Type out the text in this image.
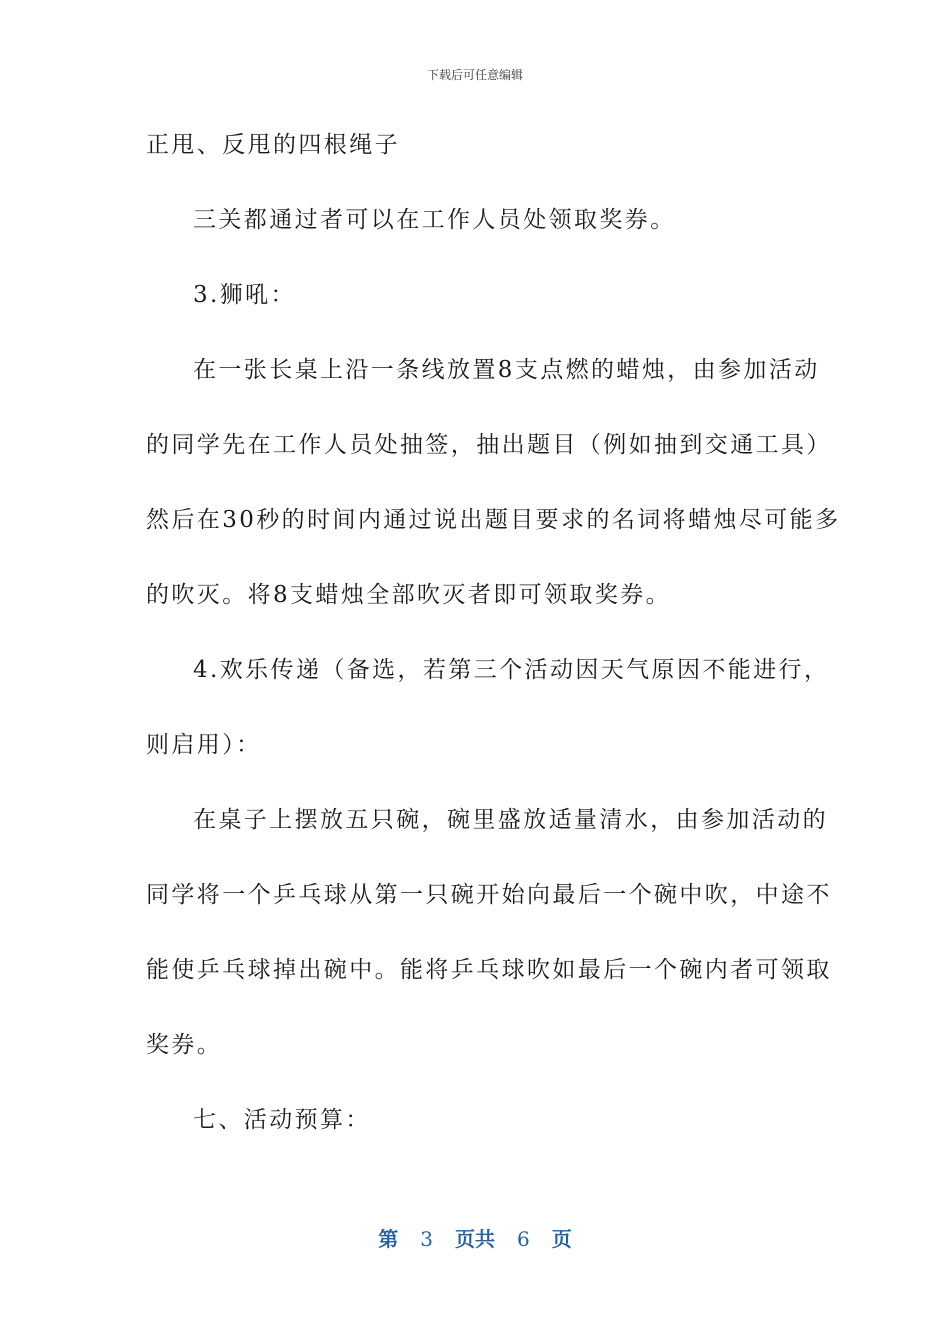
下载后可任意编辑

正甩、反甩的四根绳子

三关都通过者可以在工作人员处领取奖券。

3.狮吼：

在一张长桌上沿一条线放置8支点燃的蜡烛，由参加活动

的同学先在工作人员处抽签，抽出题目（例如抽到交通工具）

然后在30秒的时间内通过说出题目要求的名词将蜡烛尽可能多

的吹灭。将8支蜡烛全部吹灭者即可领取奖券。

4.欢乐传递（备选，若第三个活动因天气原因不能进行，

则启用）：

在桌子上摆放五只碗，碗里盛放适量清水，由参加活动的

同学将一个乒乓球从第一只碗开始向最后一个碗中吹，中途不

能使乒乓球掉出碗中。能将乒乓球吹如最后一个碗内者可领取

奖券。

七、活动预算：

第 3 页共 6 页
